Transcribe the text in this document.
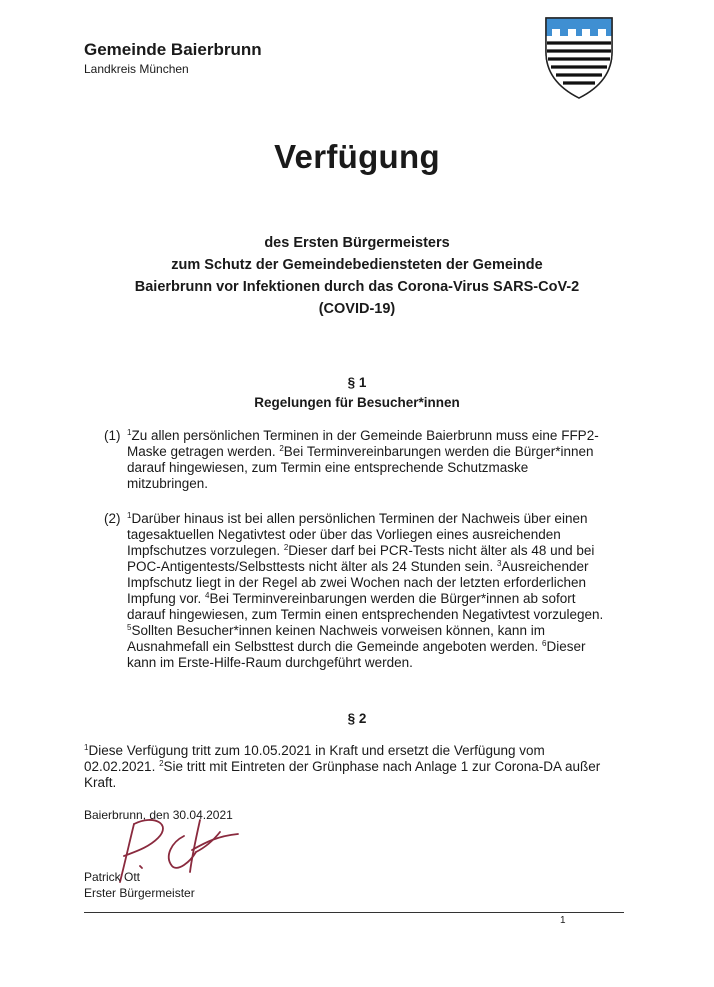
Gemeinde Baierbrunn
Landkreis München
Verfügung
des Ersten Bürgermeisters
zum Schutz der Gemeindebediensteten der Gemeinde
Baierbrunn vor Infektionen durch das Corona-Virus SARS-CoV-2
(COVID-19)
§ 1
Regelungen für Besucher*innen
(1) $^1$Zu allen persönlichen Terminen in der Gemeinde Baierbrunn muss eine FFP2-Maske getragen werden. $^2$Bei Terminvereinbarungen werden die Bürger*innen darauf hingewiesen, zum Termin eine entsprechende Schutzmaske mitzubringen.
(2) $^1$Darüber hinaus ist bei allen persönlichen Terminen der Nachweis über einen tagesaktuellen Negativtest oder über das Vorliegen eines ausreichenden Impfschutzes vorzulegen. $^2$Dieser darf bei PCR-Tests nicht älter als 48 und bei POC-Antigentests/Selbsttests nicht älter als 24 Stunden sein. $^3$Ausreichender Impfschutz liegt in der Regel ab zwei Wochen nach der letzten erforderlichen Impfung vor. $^4$Bei Terminvereinbarungen werden die Bürger*innen ab sofort darauf hingewiesen, zum Termin einen entsprechenden Negativtest vorzulegen. $^5$Sollten Besucher*innen keinen Nachweis vorweisen können, kann im Ausnahmefall ein Selbsttest durch die Gemeinde angeboten werden. $^6$Dieser kann im Erste-Hilfe-Raum durchgeführt werden.
§ 2
$^1$Diese Verfügung tritt zum 10.05.2021 in Kraft und ersetzt die Verfügung vom 02.02.2021. $^2$Sie tritt mit Eintreten der Grünphase nach Anlage 1 zur Corona-DA außer Kraft.
Baierbrunn, den 30.04.2021
Patrick Ott
Erster Bürgermeister
1
